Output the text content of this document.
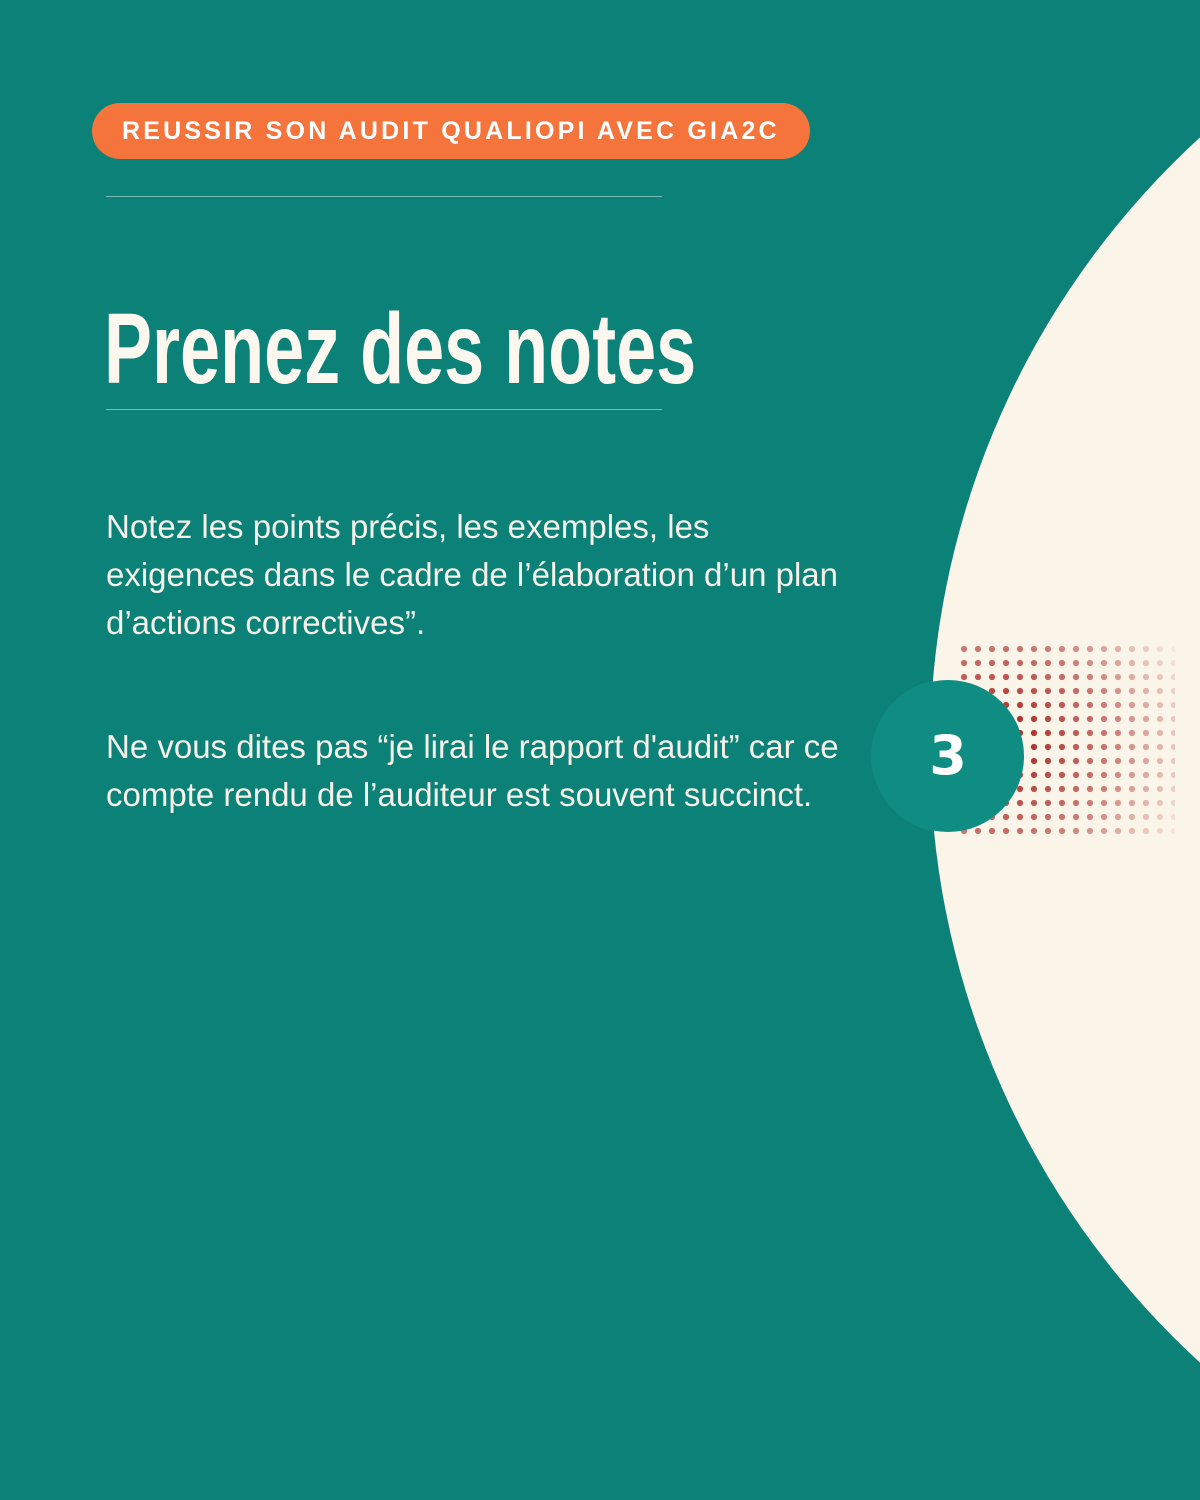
3
REUSSIR SON AUDIT QUALIOPI AVEC GIA2C
Prenez des notes

Notez les points précis, les exemples, les exigences dans le cadre de l’élaboration d’un plan d’actions correctives”.

Ne vous dites pas “je lirai le rapport d'audit” car ce compte rendu de l’auditeur est souvent succinct.
